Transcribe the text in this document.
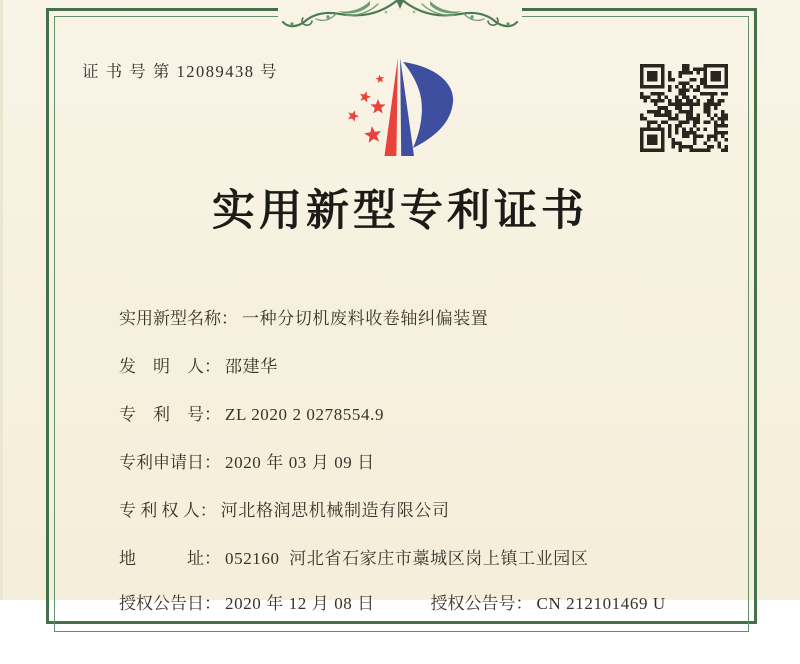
证 书 号 第 12089438 号
实用新型专利证书

实用新型名称： 一种分切机废料收卷轴纠偏装置

发　明　人： 邵建华

专　利　号： ZL 2020 2 0278554.9

专利申请日： 2020 年 03 月 09 日

专 利 权 人： 河北格润思机械制造有限公司

地　　　址： 052160  河北省石家庄市藁城区岗上镇工业园区

授权公告日： 2020 年 12 月 08 日
	授权公告号： CN 212101469 U
